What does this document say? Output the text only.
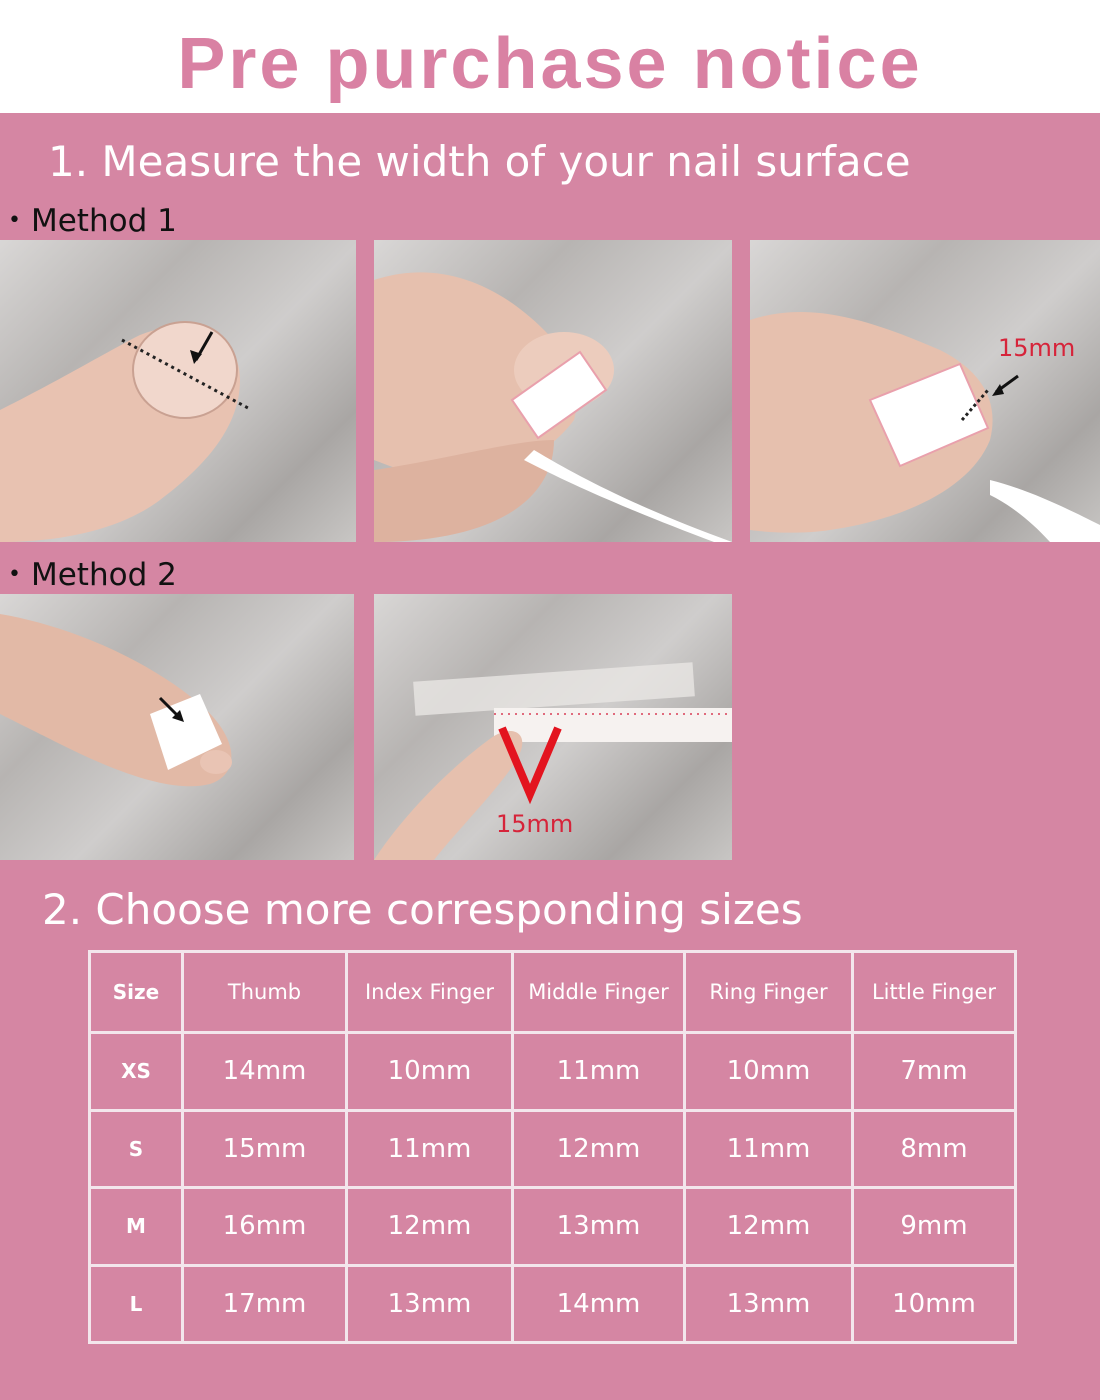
Pre purchase notice
1. Measure the width of your nail surface
• Method 1
15mm
• Method 2
15mm
2. Choose more corresponding sizes
Size	Thumb	Index Finger	Middle Finger	Ring Finger	Little Finger
XS	14mm	10mm	11mm	10mm	7mm
S	15mm	11mm	12mm	11mm	8mm
M	16mm	12mm	13mm	12mm	9mm
L	17mm	13mm	14mm	13mm	10mm
